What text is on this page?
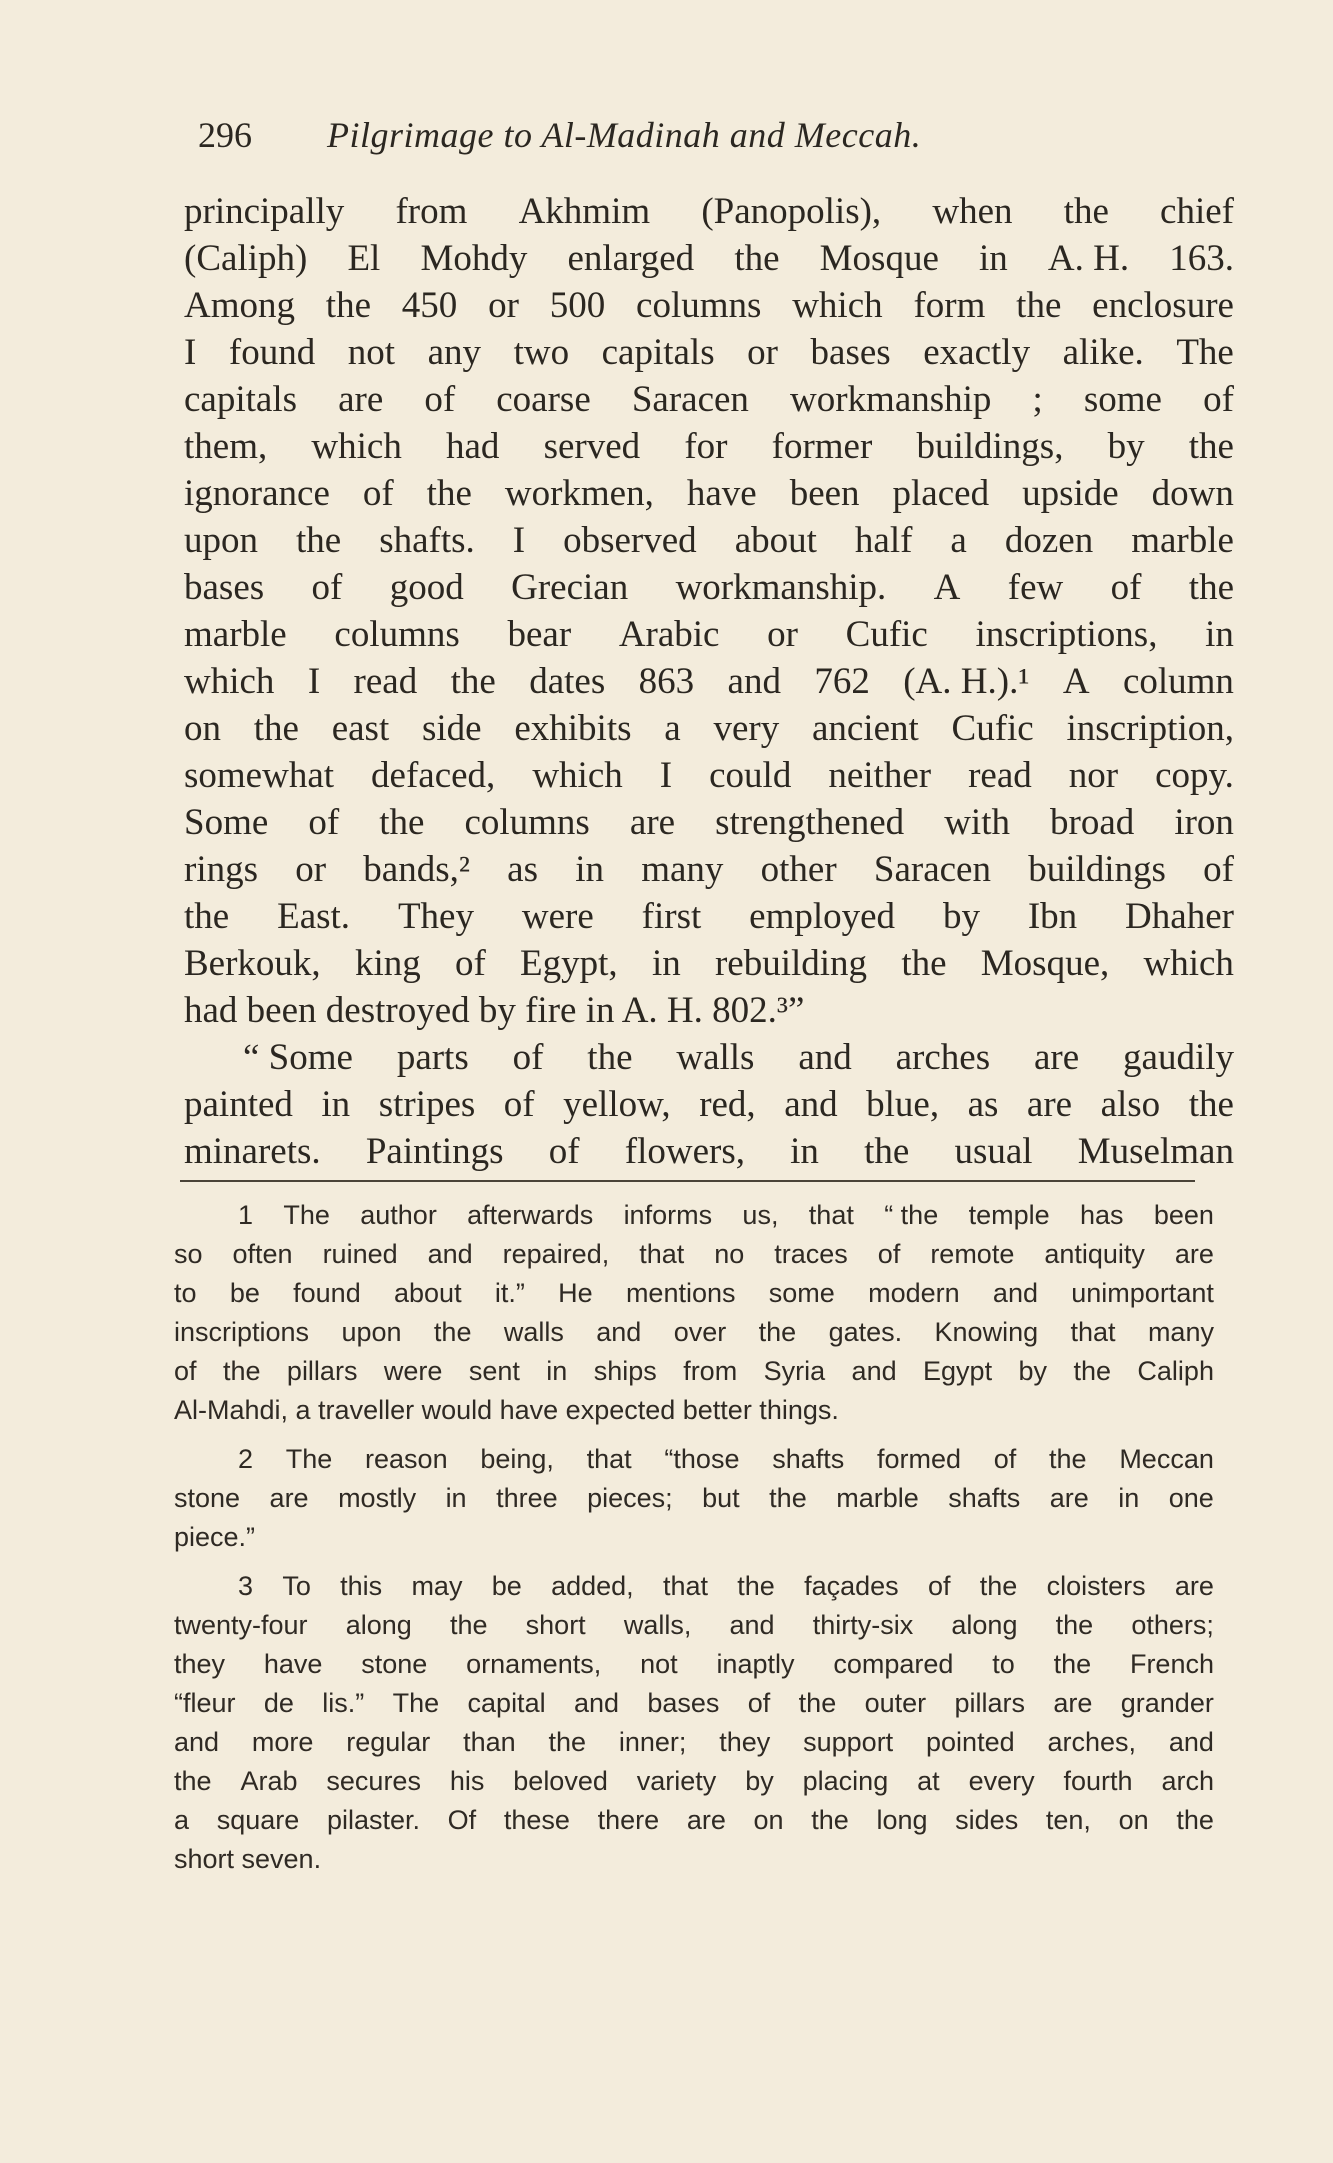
296 Pilgrimage to Al-Madinah and Meccah.
principally from Akhmim (Panopolis), when the chief
(Caliph) El Mohdy enlarged the Mosque in A. H. 163.
Among the 450 or 500 columns which form the enclosure
I found not any two capitals or bases exactly alike. The
capitals are of coarse Saracen workmanship ; some of
them, which had served for former buildings, by the
ignorance of the workmen, have been placed upside down
upon the shafts. I observed about half a dozen marble
bases of good Grecian workmanship. A few of the
marble columns bear Arabic or Cufic inscriptions, in
which I read the dates 863 and 762 (A. H.).¹ A column
on the east side exhibits a very ancient Cufic inscription,
somewhat defaced, which I could neither read nor copy.
Some of the columns are strengthened with broad iron
rings or bands,² as in many other Saracen buildings of
the East. They were first employed by Ibn Dhaher
Berkouk, king of Egypt, in rebuilding the Mosque, which
had been destroyed by fire in A. H. 802.³”
“ Some parts of the walls and arches are gaudily
painted in stripes of yellow, red, and blue, as are also the
minarets. Paintings of flowers, in the usual Muselman
1 The author afterwards informs us, that “ the temple has been
so often ruined and repaired, that no traces of remote antiquity are
to be found about it.” He mentions some modern and unimportant
inscriptions upon the walls and over the gates. Knowing that many
of the pillars were sent in ships from Syria and Egypt by the Caliph
Al-Mahdi, a traveller would have expected better things.
2 The reason being, that “those shafts formed of the Meccan
stone are mostly in three pieces; but the marble shafts are in one
piece.”
3 To this may be added, that the façades of the cloisters are
twenty-four along the short walls, and thirty-six along the others;
they have stone ornaments, not inaptly compared to the French
“fleur de lis.” The capital and bases of the outer pillars are grander
and more regular than the inner; they support pointed arches, and
the Arab secures his beloved variety by placing at every fourth arch
a square pilaster. Of these there are on the long sides ten, on the
short seven.
